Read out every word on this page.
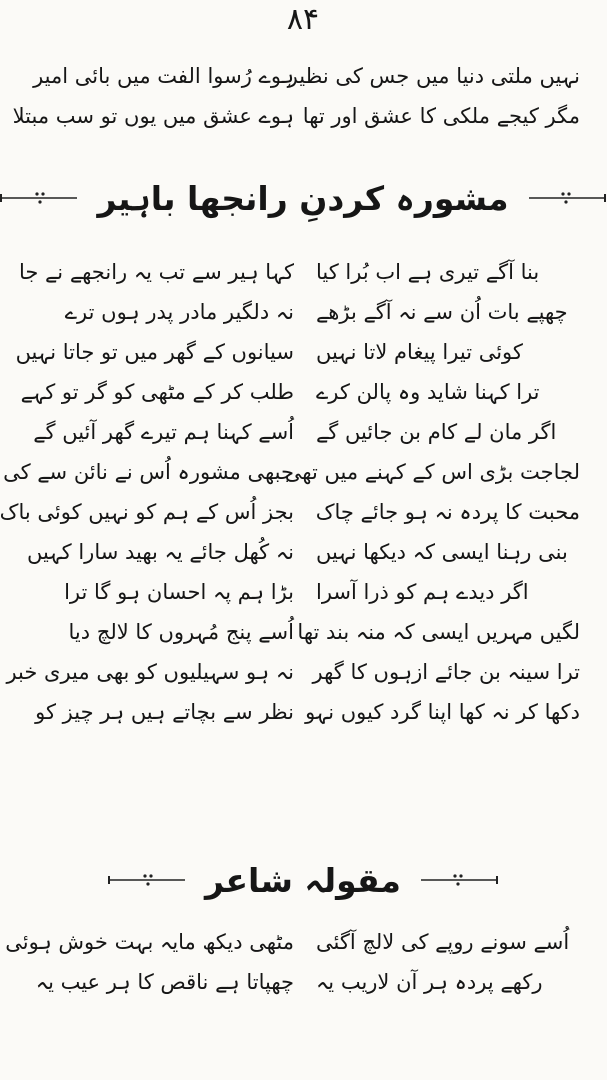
۸۴
ہوے رُسوا الفت میں بائی امیر
نہیں ملتی دنیا میں جس کی نظیر
ہوے عشق میں یوں تو سب مبتلا مگر کیجے ملکی کا عشق اور تھا
مشورہ کردنِ رانجھا باہیر
کہا ہیر سے تب یہ رانجھے نے جا بنا آگے تیری ہے اب بُرا کیا
نہ دلگیر مادر پدر ہوں ترے چھپے بات اُن سے نہ آگے بڑھے
سیانوں کے گھر میں تو جاتا نہیں کوئی تیرا پیغام لاتا نہیں
طلب کر کے مٹھی کو گر تو کہے ترا کہنا شاید وہ پالن کرے
اُسے کہنا ہم تیرے گھر آئیں گے اگر مان لے کام بن جائیں گے
جبھی مشورہ اُس نے نائن سے کی
لجاجت بڑی اس کے کہنے میں تھی
بجز اُس کے ہم کو نہیں کوئی باک محبت کا پردہ نہ ہو جائے چاک
نہ کُھل جائے یہ بھید سارا کہیں بنی رہنا ایسی کہ دیکھا نہیں
بڑا ہم پہ احسان ہو گا ترا اگر دیدے ہم کو ذرا آسرا
اُسے پنج مُہروں کا لالچ دیا لگیں مہریں ایسی کہ منہ بند تھا
نہ ہو سہیلیوں کو بھی میری خبر ترا سینہ بن جائے ازہوں کا گھر
نظر سے بچاتے ہیں ہر چیز کو دکھا کر نہ کھا اپنا گرد کیوں نہو
مقولہ شاعر
مٹھی دیکھ مایہ بہت خوش ہوئی اُسے سونے روپے کی لالچ آگئی
چھپاتا ہے ناقص کا ہر عیب یہ رکھے پردہ ہر آن لاریب یہ
